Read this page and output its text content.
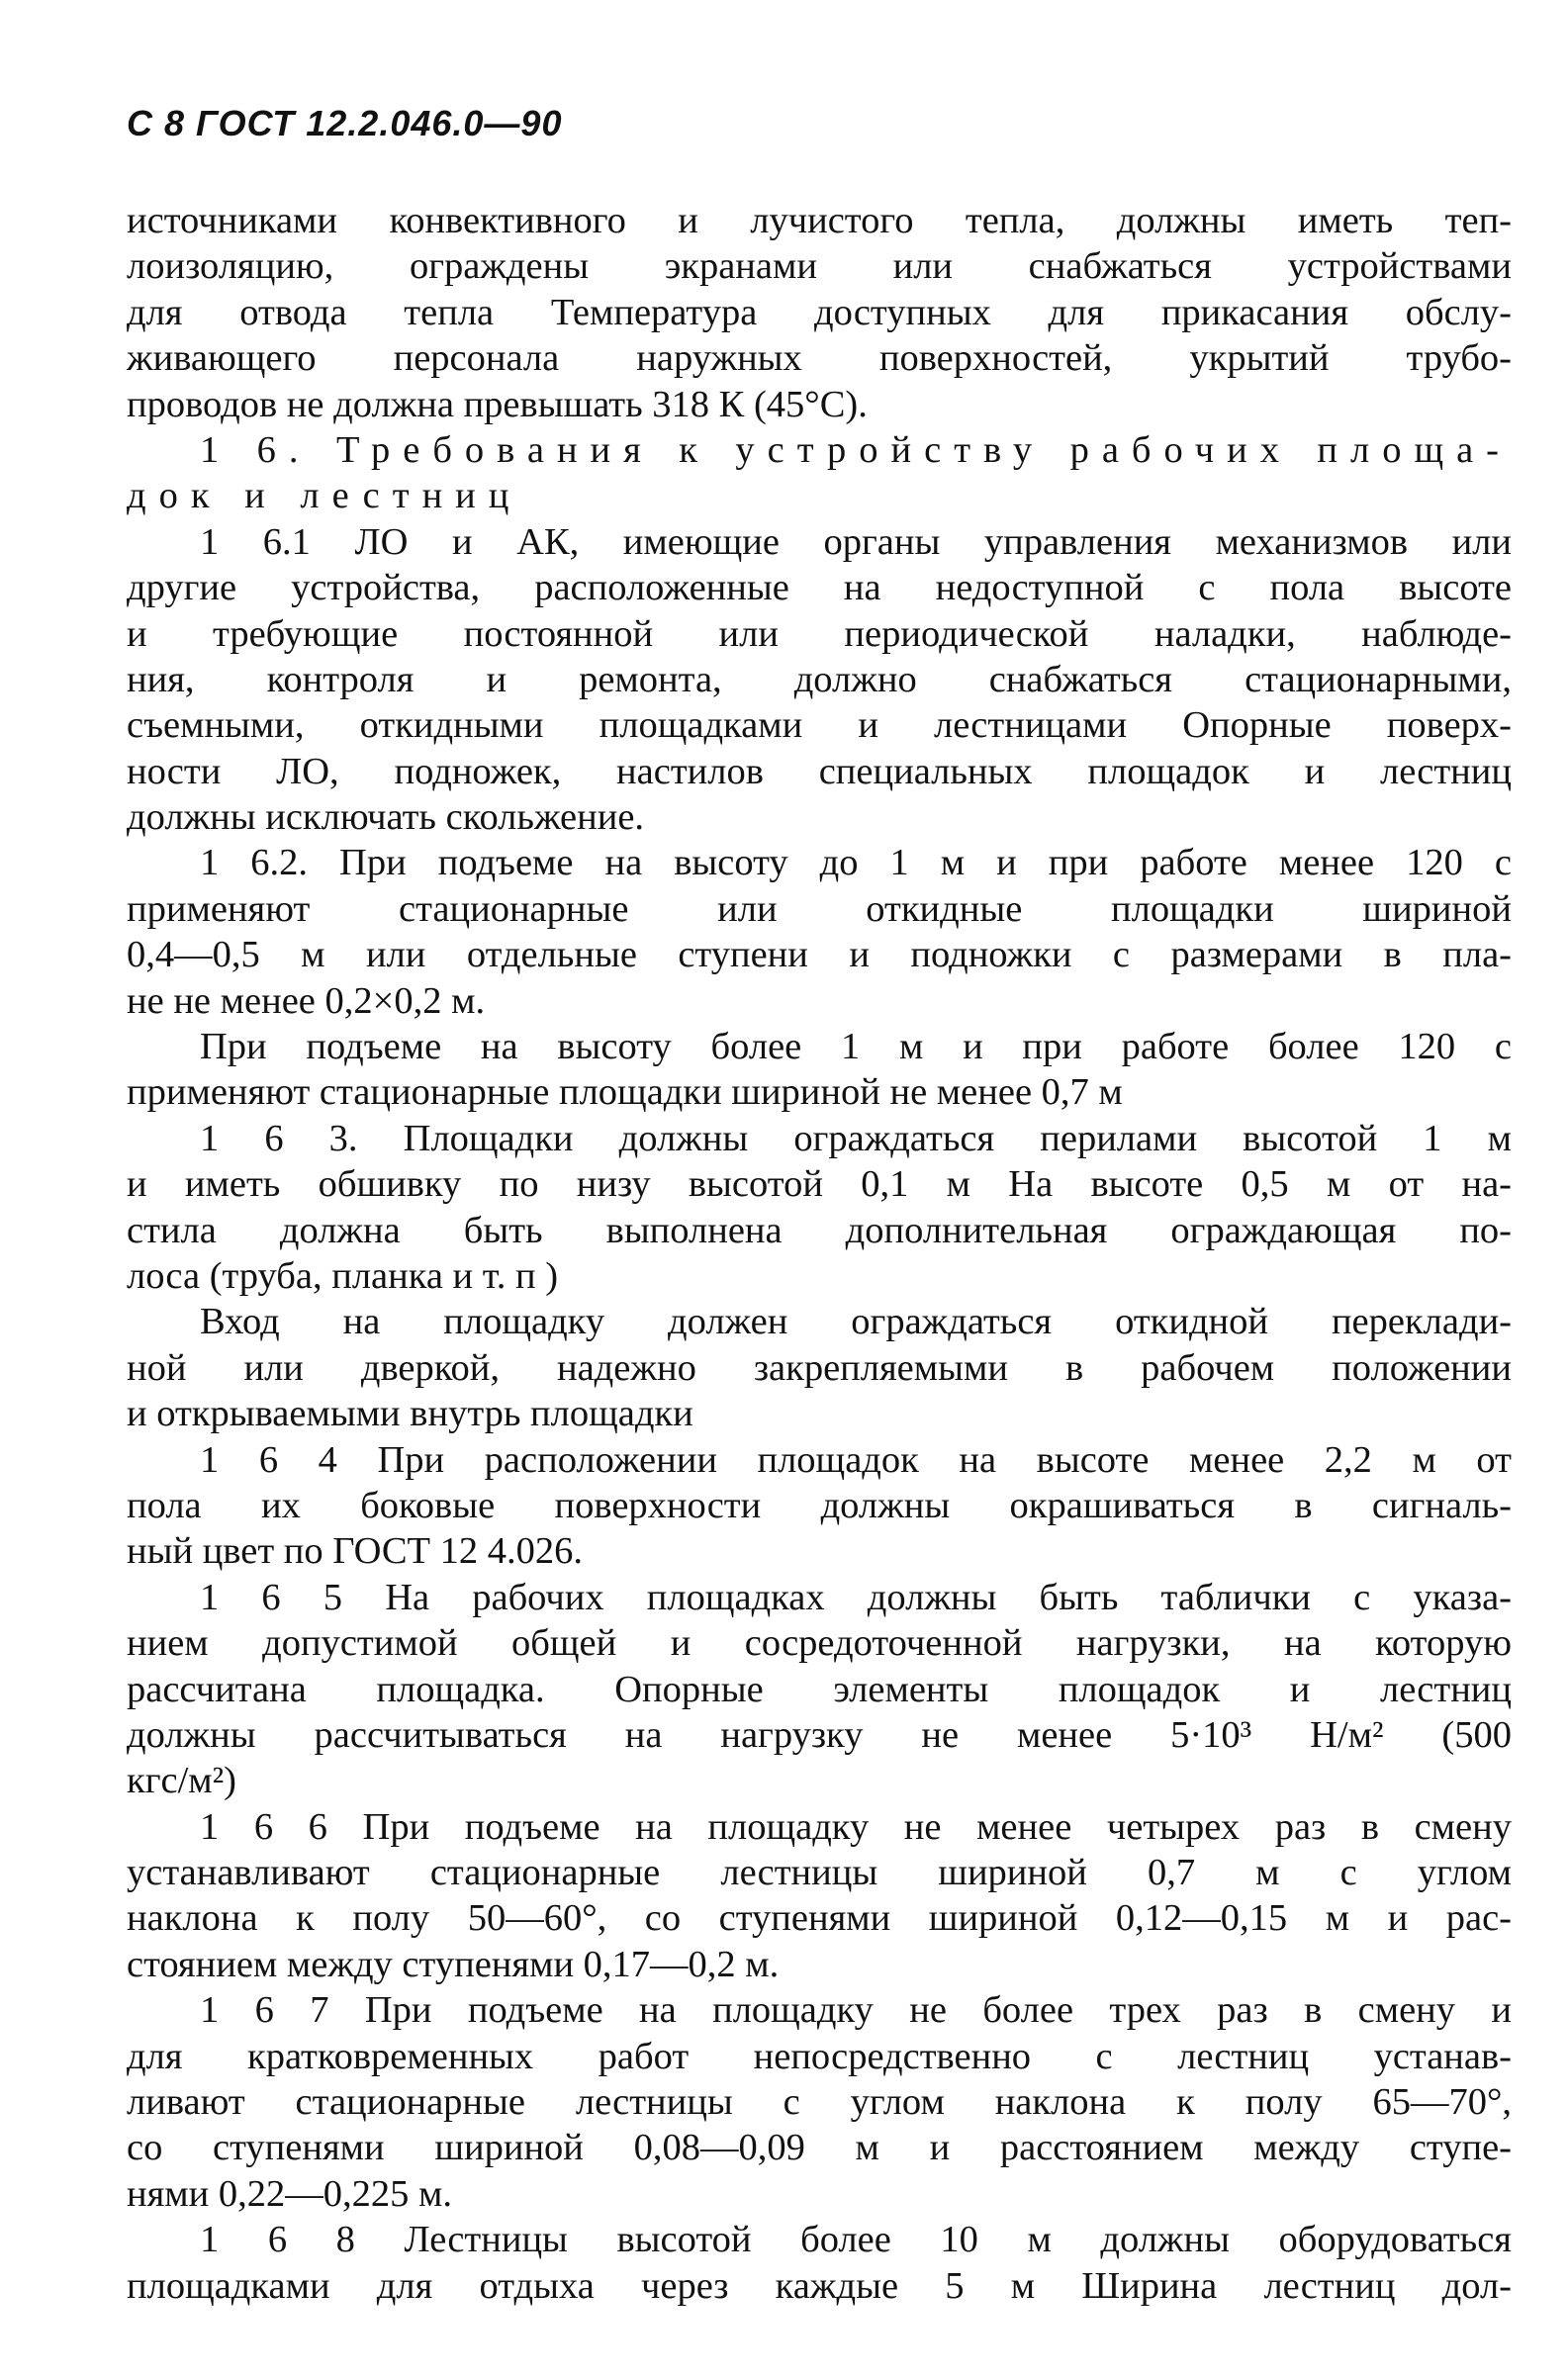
С 8 ГОСТ 12.2.046.0—90
источниками конвективного и лучистого тепла, должны иметь теп-
лоизоляцию, ограждены экранами или снабжаться устройствами
для отвода тепла Температура доступных для прикасания обслу-
живающего персонала наружных поверхностей, укрытий трубо-
проводов не должна превышать 318 К (45°С).
1 6. Требования к устройству рабочих площа-
док и лестниц
1 6.1 ЛО и АК, имеющие органы управления механизмов или
другие устройства, расположенные на недоступной с пола высоте
и требующие постоянной или периодической наладки, наблюде-
ния, контроля и ремонта, должно снабжаться стационарными,
съемными, откидными площадками и лестницами Опорные поверх-
ности ЛО, подножек, настилов специальных площадок и лестниц
должны исключать скольжение.
1 6.2. При подъеме на высоту до 1 м и при работе менее 120 с
применяют стационарные или откидные площадки шириной
0,4—0,5 м или отдельные ступени и подножки с размерами в пла-
не не менее 0,2×0,2 м.
При подъеме на высоту более 1 м и при работе более 120 с
применяют стационарные площадки шириной не менее 0,7 м
1 6 3. Площадки должны ограждаться перилами высотой 1 м
и иметь обшивку по низу высотой 0,1 м На высоте 0,5 м от на-
стила должна быть выполнена дополнительная ограждающая по-
лоса (труба, планка и т. п )
Вход на площадку должен ограждаться откидной переклади-
ной или дверкой, надежно закрепляемыми в рабочем положении
и открываемыми внутрь площадки
1 6 4 При расположении площадок на высоте менее 2,2 м от
пола их боковые поверхности должны окрашиваться в сигналь-
ный цвет по ГОСТ 12 4.026.
1 6 5 На рабочих площадках должны быть таблички с указа-
нием допустимой общей и сосредоточенной нагрузки, на которую
рассчитана площадка. Опорные элементы площадок и лестниц
должны рассчитываться на нагрузку не менее 5·10³ Н/м² (500
кгс/м²)
1 6 6 При подъеме на площадку не менее четырех раз в смену
устанавливают стационарные лестницы шириной 0,7 м с углом
наклона к полу 50—60°, со ступенями шириной 0,12—0,15 м и рас-
стоянием между ступенями 0,17—0,2 м.
1 6 7 При подъеме на площадку не более трех раз в смену и
для кратковременных работ непосредственно с лестниц устанав-
ливают стационарные лестницы с углом наклона к полу 65—70°,
со ступенями шириной 0,08—0,09 м и расстоянием между ступе-
нями 0,22—0,225 м.
1 6 8 Лестницы высотой более 10 м должны оборудоваться
площадками для отдыха через каждые 5 м Ширина лестниц дол-
